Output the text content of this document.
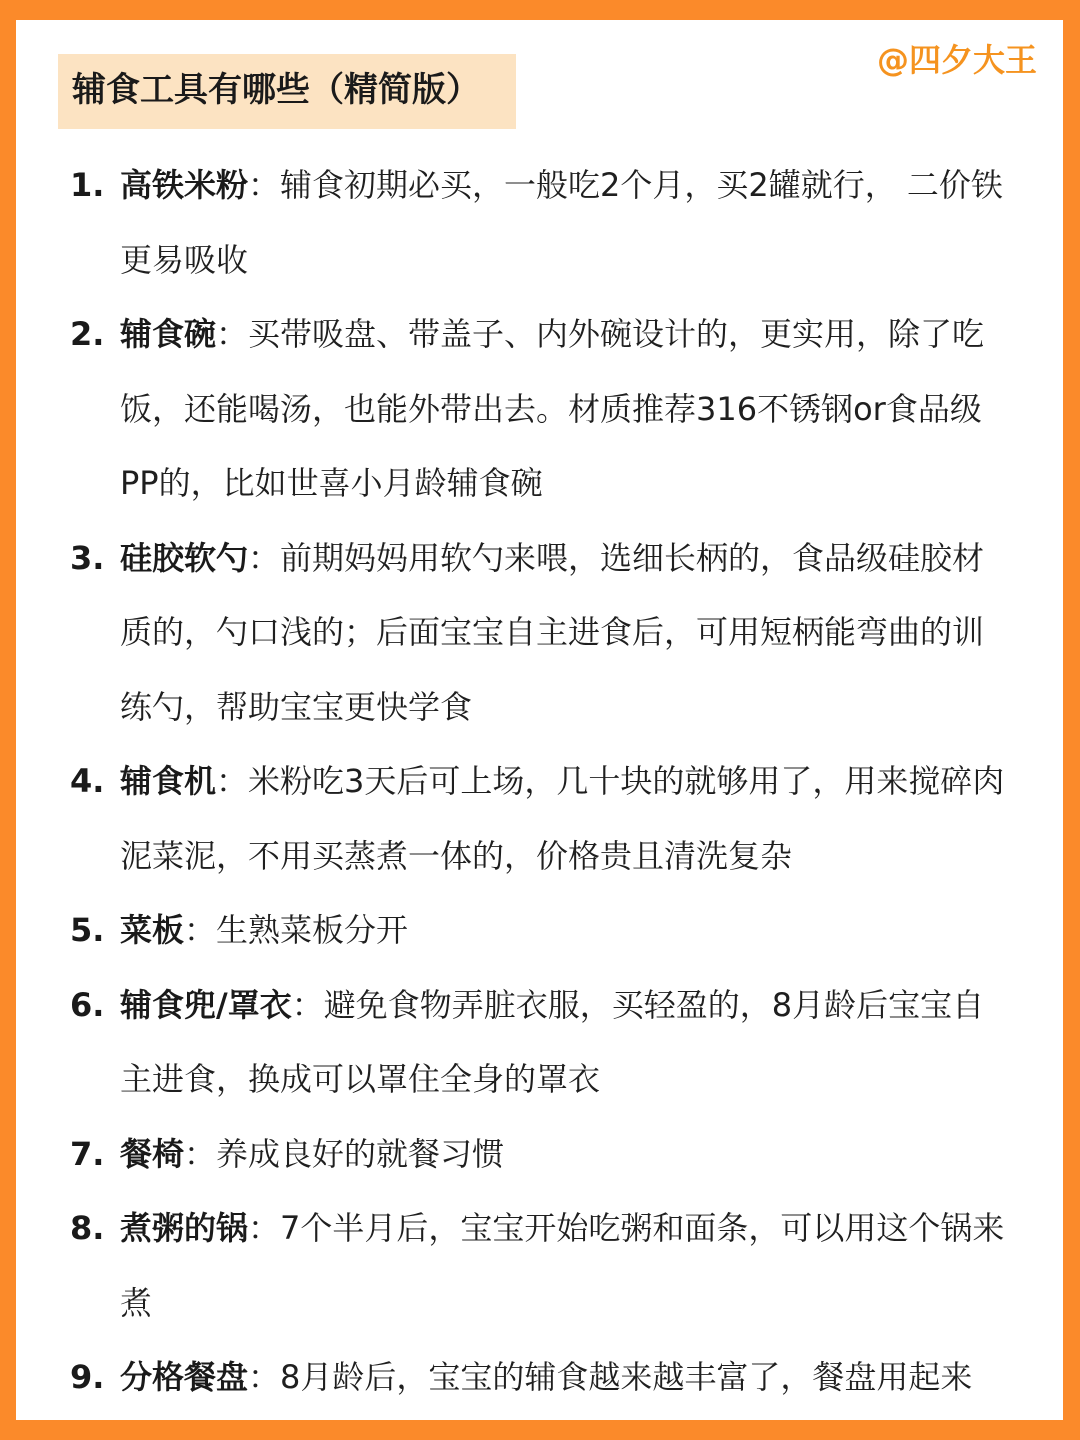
辅食工具有哪些（精简版）
@四夕大王
1. 高铁米粉：辅食初期必买，一般吃2个月，买2罐就行， 二价铁更易吸收
2. 辅食碗：买带吸盘、带盖子、内外碗设计的，更实用，除了吃饭，还能喝汤，也能外带出去。材质推荐316不锈钢or食品级PP的，比如世喜小月龄辅食碗
3. 硅胶软勺：前期妈妈用软勺来喂，选细长柄的，食品级硅胶材质的，勺口浅的；后面宝宝自主进食后，可用短柄能弯曲的训练勺，帮助宝宝更快学食
4. 辅食机：米粉吃3天后可上场，几十块的就够用了，用来搅碎肉泥菜泥，不用买蒸煮一体的，价格贵且清洗复杂
5. 菜板：生熟菜板分开
6. 辅食兜/罩衣：避免食物弄脏衣服，买轻盈的，8月龄后宝宝自主进食，换成可以罩住全身的罩衣
7. 餐椅：养成良好的就餐习惯
8. 煮粥的锅：7个半月后，宝宝开始吃粥和面条，可以用这个锅来煮
9. 分格餐盘：8月龄后，宝宝的辅食越来越丰富了，餐盘用起来
